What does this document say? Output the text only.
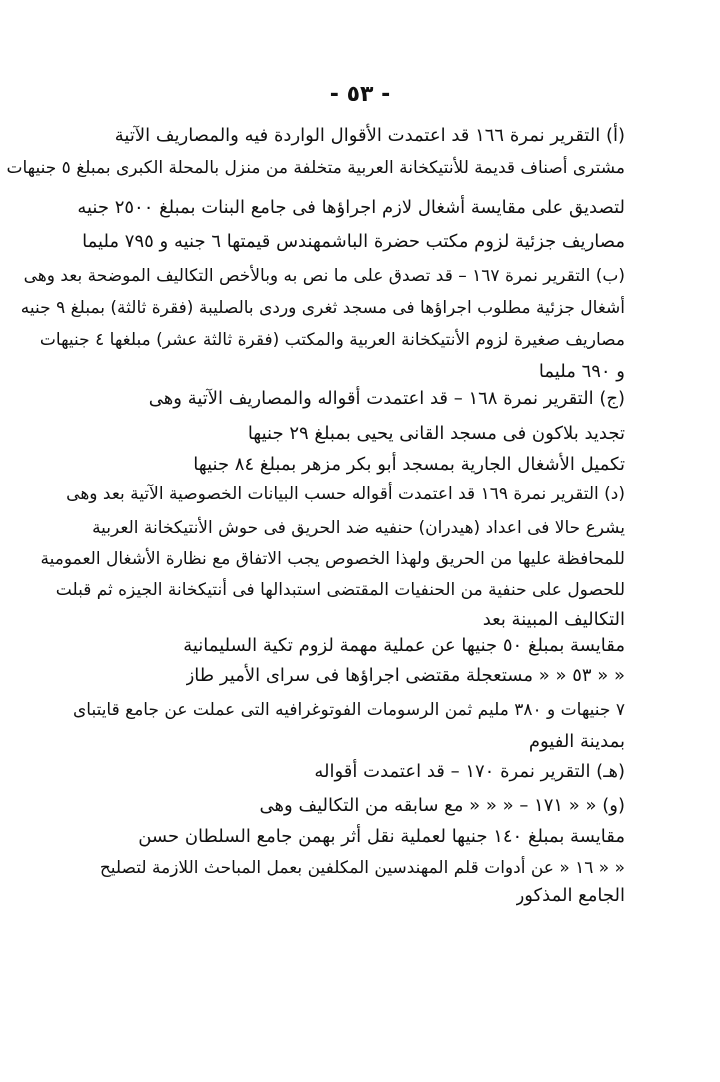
- ٥٣ -
(أ) التقرير نمرة ١٦٦ قد اعتمدت الأقوال الواردة فيه والمصاريف الآتية
مشترى أصناف قديمة للأنتيكخانة العربية متخلفة من منزل بالمحلة الكبرى بمبلغ ٥ جنيهات
لتصديق على مقايسة أشغال لازم اجراؤها فى جامع البنات بمبلغ ٢٥٠٠ جنيه
مصاريف جزئية لزوم مكتب حضرة الباشمهندس قيمتها ٦ جنيه و ٧٩٥ مليما
(ب) التقرير نمرة ١٦٧ – قد تصدق على ما نص به وبالأخص التكاليف الموضحة بعد وهى
أشغال جزئية مطلوب اجراؤها فى مسجد ثغرى وردى بالصليبة (فقرة ثالثة) بمبلغ ٩ جنيه
مصاريف صغيرة لزوم الأنتيكخانة العربية والمكتب (فقرة ثالثة عشر) مبلغها ٤ جنيهات
و ٦٩٠ مليما
(ج) التقرير نمرة ١٦٨ – قد اعتمدت أقواله والمصاريف الآتية وهى
تجديد بلاكون فى مسجد القانى يحيى بمبلغ ٢٩ جنيها
تكميل الأشغال الجارية بمسجد أبو بكر مزهر بمبلغ ٨٤ جنيها
(د) التقرير نمرة ١٦٩ قد اعتمدت أقواله حسب البيانات الخصوصية الآتية بعد وهى
يشرع حالا فى اعداد (هيدران) حنفيه ضد الحريق فى حوش الأنتيكخانة العربية
للمحافظة عليها من الحريق ولهذا الخصوص يجب الاتفاق مع نظارة الأشغال العمومية
للحصول على حنفية من الحنفيات المقتضى استبدالها فى أنتيكخانة الجيزه ثم قبلت
التكاليف المبينة بعد
مقايسة بمبلغ ٥٠ جنيها عن عملية مهمة لزوم تكية السليمانية
« « ٥٣ « « مستعجلة مقتضى اجراؤها فى سراى الأمير طاز
٧ جنيهات و ٣٨٠ مليم ثمن الرسومات الفوتوغرافيه التى عملت عن جامع قايتباى
بمدينة الفيوم
(هـ) التقرير نمرة ١٧٠ – قد اعتمدت أقواله
(و) « « ١٧١ – « « « مع سابقه من التكاليف وهى
مقايسة بمبلغ ١٤٠ جنيها لعملية نقل أثر بهمن جامع السلطان حسن
« « ١٦ « عن أدوات قلم المهندسين المكلفين بعمل المباحث اللازمة لتصليح
الجامع المذكور
